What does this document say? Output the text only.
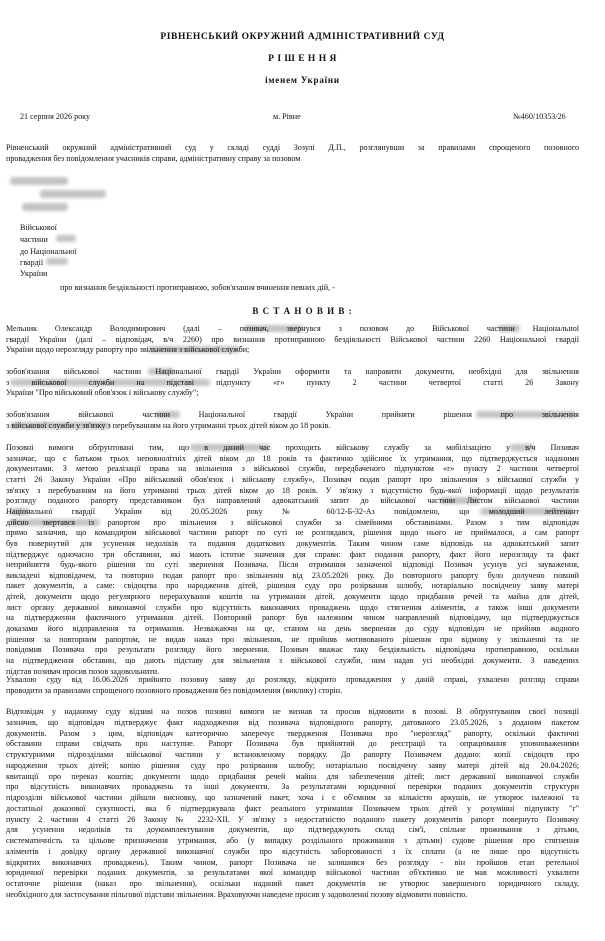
РІВНЕНСЬКИЙ ОКРУЖНИЙ АДМІНІСТРАТИВНИЙ СУД
Р І Ш Е Н Н Я
іменем України
21 серпня 2026 року	м. Рівне	№460/10353/26
про визнання бездіяльності протиправною, зобов'язання вчинення певних дій, -
В С Т А Н О В И В :
Рівненський окружний адміністративний суд у складі судді Зозулі Д.П., розглянувши за правилами спрощеного позовного
провадження без повідомлення учасників справи, адміністративну справу за позовом
Мельник Олександр Володимирович (далі – позивач, звернувся з позовом до Військової частини Національної
гвардії України (далі – відповідач, в/ч 2260) про визнання протиправною бездіяльності Військової частини 2260 Національної гвардії
України щодо нерозгляду рапорту про звільнення з військової служби;
зобов'язання військової частини Національної гвардії України оформити та направити документи, необхідні для звільнення
з військової служби на підставі підпункту «г» пункту 2 частини четвертої статті 26 Закону
України "Про військовий обов'язок і військову службу";
зобов'язання військової частини Національної гвардії України прийняти рішення про звільнення
з військової служби у зв'язку з перебуванням на його утриманні трьох дітей віком до 18 років.
Позовні вимоги обґрунтовані тим, що в даний час проходить військову службу за мобілізацією у в/ч Позивач
зазначає, що є батьком трьох неповнолітніх дітей віком до 18 років та фактично здійснює їх утримання, що підтверджується наданими
документами. З метою реалізації права на звільнення з військової служби, передбаченого підпунктом «г» пункту 2 частини четвертої
статті 26 Закону України «Про військовий обов'язок і військову службу», Позивач подав рапорт про звільнення з військової служби у
зв'язку з перебуванням на його утриманні трьох дітей віком до 18 років. У зв'язку з відсутністю будь-якої інформації щодо результатів
розгляду поданого рапорту представником бул направлений адвокатський запит до військової частини Листом військової частини
Національної гвардії України від 20.05.2026 року № 60/12-Б-32-Аз повідомлено, що молодший лейтенант
дійсно звертався із рапортом про звільнення з військової служби за сімейними обставинами. Разом з тим відповідач
прямо зазначив, що командиром військової частини рапорт по суті не розглядався, рішення щодо нього не приймалося, а сам рапорт
був повернутий для усунення недоліків та подання додаткових документів. Таким чином саме відповідь на адвокатський запит
підтверджує одночасно три обставини, які мають істотне значення для справи: факт подання рапорту, факт його нерозгляду та факт
неприйняття будь-якого рішення по суті звернення Позивача. Після отримання зазначеної відповіді Позивач усунув усі зауваження,
викладені відповідачем, та повторно подав рапорт про звільнення від 23.05.2026 року. До повторного рапорту було долучено повний
пакет документів, а саме: свідоцтва про народження дітей, рішення суду про розірвання шлюбу, нотаріально посвідчену заяву матері
дітей, документи щодо регулярного перерахування коштів на утримання дітей, документи щодо придбання речей та майна для дітей,
лист органу державної виконавчої служби про відсутність виконавчих проваджень щодо стягнення аліментів, а також інші документи
на підтвердження фактичного утримання дітей. Повторний рапорт був належним чином направлений відповідачу, що підтверджується
доказами його відправлення та отримання. Незважаючи на це, станом на день звернення до суду відповідач не прийняв жодного
рішення за повторним рапортом, не видав наказ про звільнення, не прийняв мотивованого рішення про відмову у звільненні та не
повідомив Позивача про результати розгляду його звернення. Позивач вважає таку бездіяльність відповідача протиправною, оскільки
на підтвердження обставин, що дають підставу для звільнення з військової служби, ним надав усі необхідні документи. З наведених
підстав позивач просив позов задовольнити.
Ухвалою суду від 16.06.2026 прийнято позовну заяву до розгляду, відкрито провадження у даній справі, ухвалено розгляд справи
проводити за правилами спрощеного позовного провадження без повідомлення (виклику) сторін.
Відповідач у наданому суду відзиві на позов позовні вимоги не визнав та просив відмовити в позові. В обґрунтування своєї позиції
зазначив, що відповідач підтверджує факт надходження від позивача відповідного рапорту, датованого 23.05.2026, з доданим пакетом
документів. Разом з цим, відповідач категорично заперечує твердження Позивача про "нерозгляд" рапорту, оскільки фактичні
обставини справи свідчать про наступне. Рапорт Позивача був прийнятий до реєстрації та опрацювання уповноваженими
структурними підрозділами військової частини у встановленому порядку. До рапорту Позивачем додано: копії свідоцтв про
народження трьох дітей; копію рішення суду про розірвання шлюбу; нотаріально посвідчену заяву матері дітей від 20.04.2026;
квитанції про переказ коштів; документи щодо придбання речей майна для забезпечення дітей; лист державної виконавчої служби
про відсутність виконавчих проваджень та інші документи. За результатами юридичної перевірки поданих документів структури
підрозділи військової частини дійшли висновку, що зазначений пакет, хоча і є об'ємним за кількістю аркушів, не утворює належної та
достатньої доказової сукупності, яка б підтверджувала факт реального утримання Позивачем трьох дітей у розумінні підпункту "г"
пункту 2 частини 4 статті 26 Закону № 2232-XII. У зв'язку з недостатністю поданого пакету документів рапорт повернуто Позивачу
для усунення недоліків та доукомплектування документів, що підтверджують склад сім'ї, спільне проживання з дітьми,
систематичність та цільове призначення утримання, або (у випадку роздільного проживання з дітьми) судове рішення про стягнення
аліментів і довідку органу державної виконавчої служби про відсутність заборгованості з їх сплати (а не лише про відсутність
відкритих виконавчих проваджень). Таким чином, рапорт Позивача не залишився без розгляду - він пройшов етап ретельної
юридичної перевірки поданих документів, за результатами якої командир військової частини об'єктивно не мав можливості ухвалити
остаточне рішення (наказ про звільнення), оскільки наданий пакет документів не утворює завершеного юридичного складу,
необхідного для застосування пільгової підстави звільнення. Враховуючи наведене просив у задоволенні позову відмовити повністю.
Військової
частини
до Національної
гвардії
України
